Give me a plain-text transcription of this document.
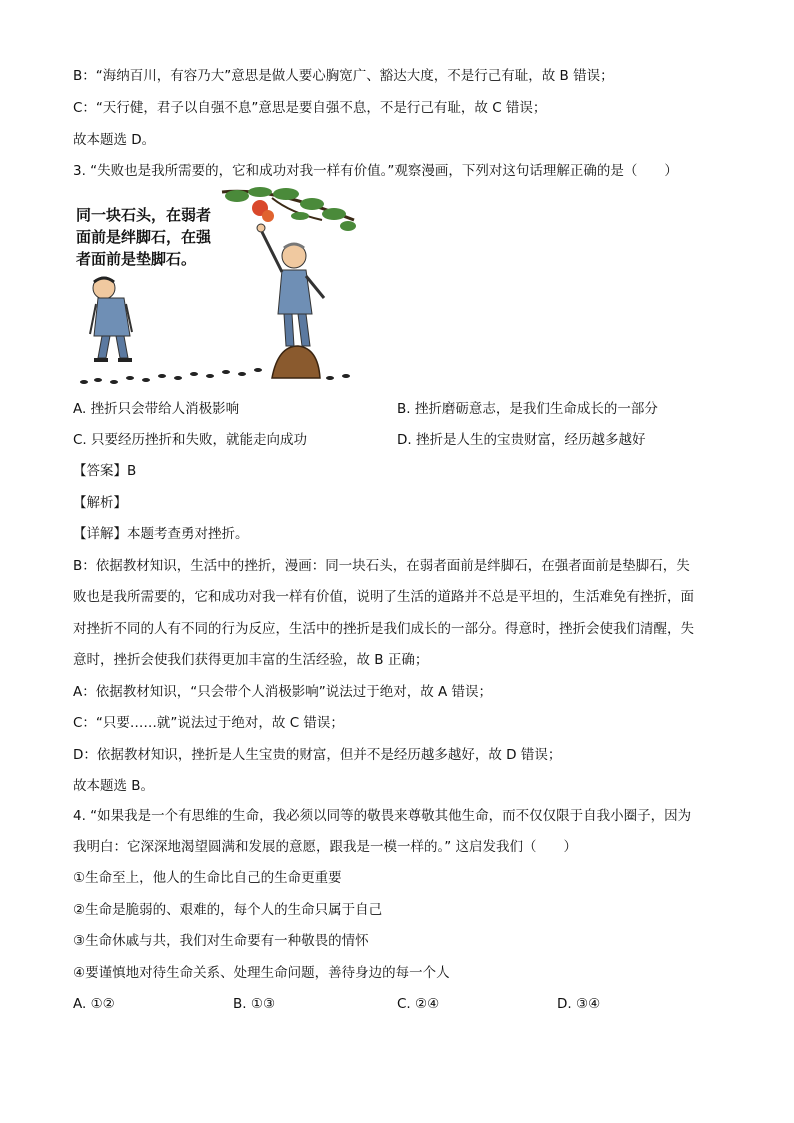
B：“海纳百川，有容乃大”意思是做人要心胸宽广、豁达大度，不是行己有耻，故 B 错误；
C：“天行健，君子以自强不息”意思是要自强不息，不是行己有耻，故 C 错误；
故本题选 D。
3. “失败也是我所需要的，它和成功对我一样有价值。”观察漫画，下列对这句话理解正确的是（　　）
同一块石头，在弱者
面前是绊脚石，在强
者面前是垫脚石。
A. 挫折只会带给人消极影响	B. 挫折磨砺意志，是我们生命成长的一部分
C. 只要经历挫折和失败，就能走向成功	D. 挫折是人生的宝贵财富，经历越多越好
【答案】B
【解析】
【详解】本题考查勇对挫折。
B：依据教材知识，生活中的挫折，漫画：同一块石头，在弱者面前是绊脚石，在强者面前是垫脚石，失
败也是我所需要的，它和成功对我一样有价值，说明了生活的道路并不总是平坦的，生活难免有挫折，面
对挫折不同的人有不同的行为反应，生活中的挫折是我们成长的一部分。得意时，挫折会使我们清醒，失
意时，挫折会使我们获得更加丰富的生活经验，故 B 正确；
A：依据教材知识，“只会带个人消极影响”说法过于绝对，故 A 错误；
C：“只要……就”说法过于绝对，故 C 错误；
D：依据教材知识，挫折是人生宝贵的财富，但并不是经历越多越好，故 D 错误；
故本题选 B。
4. “如果我是一个有思维的生命，我必须以同等的敬畏来尊敬其他生命，而不仅仅限于自我小圈子，因为
我明白：它深深地渴望圆满和发展的意愿，跟我是一模一样的。” 这启发我们（　　）
①生命至上，他人的生命比自己的生命更重要
②生命是脆弱的、艰难的，每个人的生命只属于自己
③生命休戚与共，我们对生命要有一种敬畏的情怀
④要谨慎地对待生命关系、处理生命问题，善待身边的每一个人
A. ①②	B. ①③	C. ②④	D. ③④
